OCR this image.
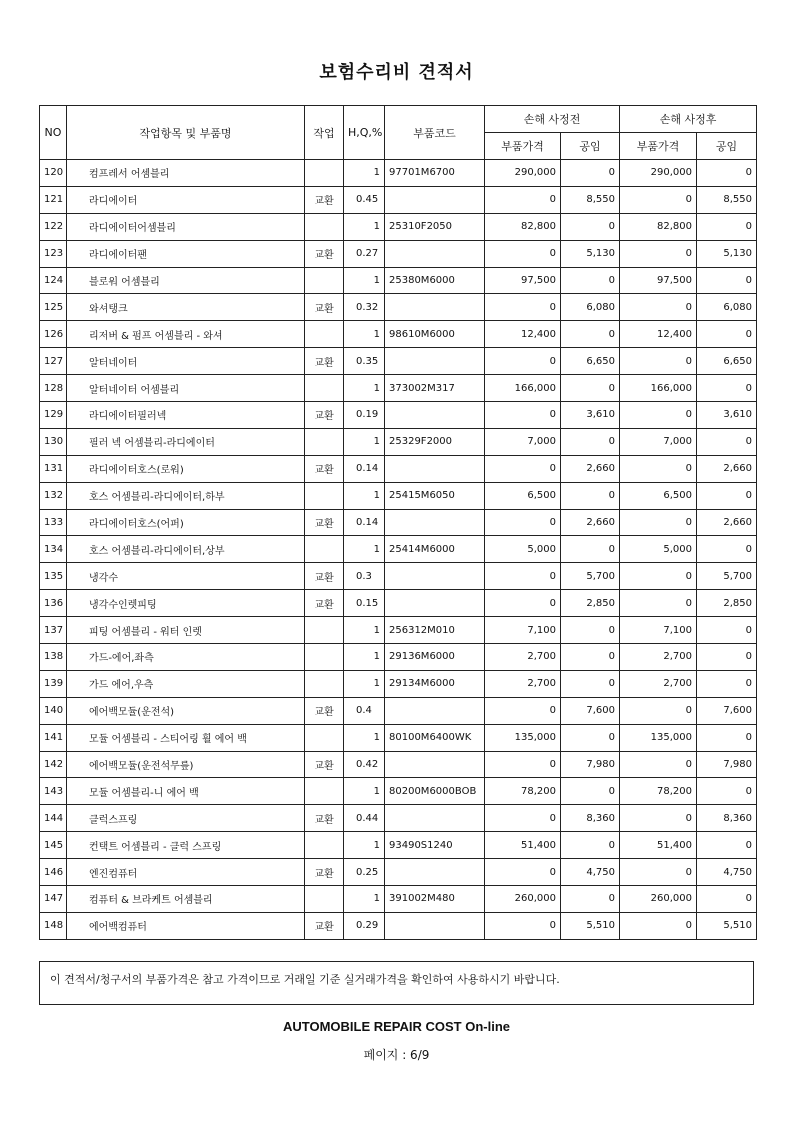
보험수리비 견적서
NO	작업항목 및 부품명	작업	H,Q,%	부품코드	손해 사정전		손해 사정후	
					부품가격	공임	부품가격	공임
120	컴프레서 어셈블리		1	97701M6700	290,000	0	290,000	0
121	라디에이터	교환	0.45		0	8,550	0	8,550
122	라디에이터어셈블리		1	25310F2050	82,800	0	82,800	0
123	라디에이터팬	교환	0.27		0	5,130	0	5,130
124	블로워 어셈블리		1	25380M6000	97,500	0	97,500	0
125	와셔탱크	교환	0.32		0	6,080	0	6,080
126	리저버 & 펌프 어셈블리 - 와셔		1	98610M6000	12,400	0	12,400	0
127	알터네이터	교환	0.35		0	6,650	0	6,650
128	알터네이터 어셈블리		1	373002M317	166,000	0	166,000	0
129	라디에이터필러넥	교환	0.19		0	3,610	0	3,610
130	필러 넥 어셈블리-라디에이터		1	25329F2000	7,000	0	7,000	0
131	라디에이터호스(로워)	교환	0.14		0	2,660	0	2,660
132	호스 어셈블리-라디에이터,하부		1	25415M6050	6,500	0	6,500	0
133	라디에이터호스(어퍼)	교환	0.14		0	2,660	0	2,660
134	호스 어셈블리-라디에이터,상부		1	25414M6000	5,000	0	5,000	0
135	냉각수	교환	0.3		0	5,700	0	5,700
136	냉각수인렛피팅	교환	0.15		0	2,850	0	2,850
137	피팅 어셈블리 - 워터 인렛		1	256312M010	7,100	0	7,100	0
138	가드-에어,좌측		1	29136M6000	2,700	0	2,700	0
139	가드 에어,우측		1	29134M6000	2,700	0	2,700	0
140	에어백모듈(운전석)	교환	0.4		0	7,600	0	7,600
141	모듈 어셈블리 - 스티어링 휠 에어 백		1	80100M6400WK	135,000	0	135,000	0
142	에어백모듈(운전석무릎)	교환	0.42		0	7,980	0	7,980
143	모듈 어셈블리-니 에어 백		1	80200M6000BOB	78,200	0	78,200	0
144	클럭스프링	교환	0.44		0	8,360	0	8,360
145	컨택트 어셈블리 - 클럭 스프링		1	93490S1240	51,400	0	51,400	0
146	엔진컴퓨터	교환	0.25		0	4,750	0	4,750
147	컴퓨터 & 브라케트 어셈블리		1	391002M480	260,000	0	260,000	0
148	에어백컴퓨터	교환	0.29		0	5,510	0	5,510
이 견적서/청구서의 부품가격은 참고 가격이므로 거래일 기준 실거래가격을 확인하여 사용하시기 바랍니다.
AUTOMOBILE REPAIR COST On-line
페이지 : 6/9
